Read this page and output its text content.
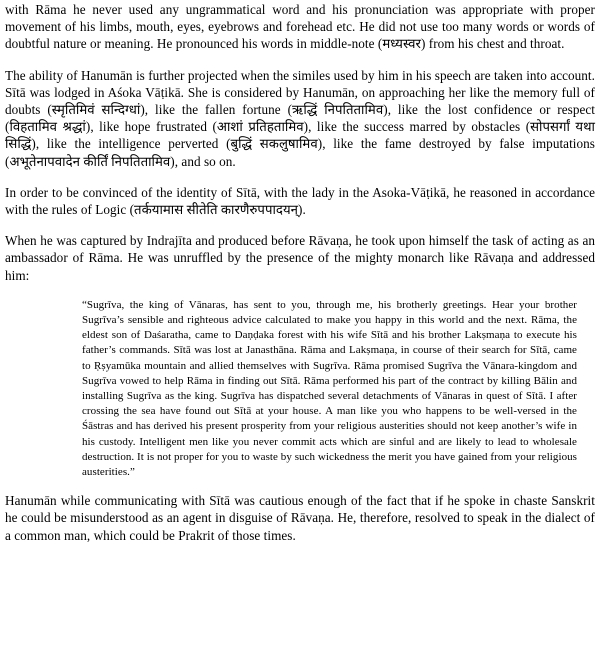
with Rāma he never used any ungrammatical word and his pronunciation was appropriate with proper movement of his limbs, mouth, eyes, eyebrows and forehead etc. He did not use too many words or words of doubtful nature or meaning. He pronounced his words in middle-note (मध्यस्वर) from his chest and throat.

The ability of Hanumān is further projected when the similes used by him in his speech are taken into account. Sītā was lodged in Aśoka Vāṭikā. She is considered by Hanumān, on approaching her like the memory full of doubts (स्मृतिमिवं सन्दिग्धां), like the fallen fortune (ऋद्धिं निपतितामिव), like the lost confidence or respect (विहतामिव श्रद्धां), like hope frustrated (आशां प्रतिहतामिव), like the success marred by obstacles (सोपसर्गां यथा सिद्धिं), like the intelligence perverted (बुद्धिं सकलुषामिव), like the fame destroyed by false imputations (अभूतेनापवादेन कीर्तिं निपतितामिव), and so on.

In order to be convinced of the identity of Sītā, with the lady in the Asoka-Vāṭikā, he reasoned in accordance with the rules of Logic (तर्कयामास सीतेति कारणैरुपपादयन्).

When he was captured by Indrajīta and produced before Rāvaṇa, he took upon himself the task of acting as an ambassador of Rāma. He was unruffled by the presence of the mighty monarch like Rāvaṇa and addressed him:

“Sugrīva, the king of Vānaras, has sent to you, through me, his brotherly greetings. Hear your brother Sugrīva’s sensible and righteous advice calculated to make you happy in this world and the next. Rāma, the eldest son of Daśaratha, came to Daṇḍaka forest with his wife Sītā and his brother Lakṣmaṇa to execute his father’s commands. Sītā was lost at Janasthāna. Rāma and Lakṣmaṇa, in course of their search for Sītā, came to Ṛṣyamūka mountain and allied themselves with Sugrīva. Rāma promised Sugrīva the Vānara-kingdom and Sugrīva vowed to help Rāma in finding out Sītā. Rāma performed his part of the contract by killing Bālin and installing Sugrīva as the king. Sugrīva has dispatched several detachments of Vānaras in quest of Sītā. I after crossing the sea have found out Sītā at your house. A man like you who happens to be well-versed in the Śāstras and has derived his present prosperity from your religious austerities should not keep another’s wife in his custody. Intelligent men like you never commit acts which are sinful and are likely to lead to wholesale destruction. It is not proper for you to waste by such wickedness the merit you have gained from your religious austerities.”

Hanumān while communicating with Sītā was cautious enough of the fact that if he spoke in chaste Sanskrit he could be misunderstood as an agent in disguise of Rāvaṇa. He, therefore, resolved to speak in the dialect of a common man, which could be Prakrit of those times.
